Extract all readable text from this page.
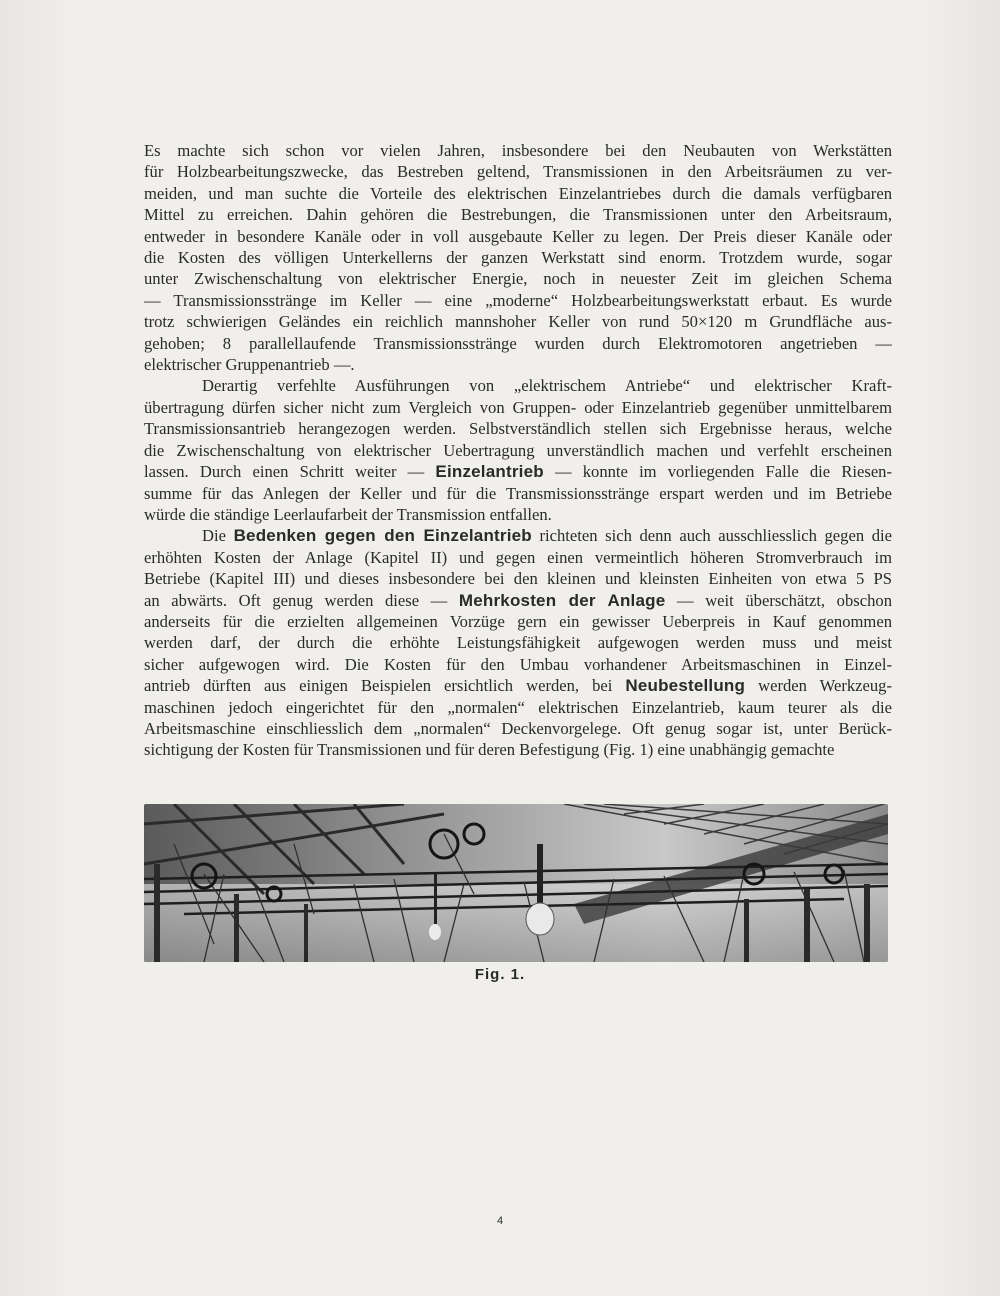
Es machte sich schon vor vielen Jahren, insbesondere bei den Neubauten von Werkstätten
für Holzbearbeitungszwecke, das Bestreben geltend, Transmissionen in den Arbeitsräumen zu ver-
meiden, und man suchte die Vorteile des elektrischen Einzelantriebes durch die damals verfügbaren
Mittel zu erreichen. Dahin gehören die Bestrebungen, die Transmissionen unter den Arbeitsraum,
entweder in besondere Kanäle oder in voll ausgebaute Keller zu legen. Der Preis dieser Kanäle oder
die Kosten des völligen Unterkellerns der ganzen Werkstatt sind enorm. Trotzdem wurde, sogar
unter Zwischenschaltung von elektrischer Energie, noch in neuester Zeit im gleichen Schema
— Transmissionsstränge im Keller — eine „moderne“ Holzbearbeitungswerkstatt erbaut. Es wurde
trotz schwierigen Geländes ein reichlich mannshoher Keller von rund 50×120 m Grundfläche aus-
gehoben; 8 parallellaufende Transmissionsstränge wurden durch Elektromotoren angetrieben —
elektrischer Gruppenantrieb —.

Derartig verfehlte Ausführungen von „elektrischem Antriebe“ und elektrischer Kraft-
übertragung dürfen sicher nicht zum Vergleich von Gruppen- oder Einzelantrieb gegenüber unmittelbarem
Transmissionsantrieb herangezogen werden. Selbstverständlich stellen sich Ergebnisse heraus, welche
die Zwischenschaltung von elektrischer Uebertragung unverständlich machen und verfehlt erscheinen
lassen. Durch einen Schritt weiter — Einzelantrieb — konnte im vorliegenden Falle die Riesen-
summe für das Anlegen der Keller und für die Transmissionsstränge erspart werden und im Betriebe
würde die ständige Leerlaufarbeit der Transmission entfallen.

Die Bedenken gegen den Einzelantrieb richteten sich denn auch ausschliesslich gegen die
erhöhten Kosten der Anlage (Kapitel II) und gegen einen vermeintlich höheren Stromverbrauch im
Betriebe (Kapitel III) und dieses insbesondere bei den kleinen und kleinsten Einheiten von etwa 5 PS
an abwärts. Oft genug werden diese — Mehrkosten der Anlage — weit überschätzt, obschon
anderseits für die erzielten allgemeinen Vorzüge gern ein gewisser Ueberpreis in Kauf genommen
werden darf, der durch die erhöhte Leistungsfähigkeit aufgewogen werden muss und meist
sicher aufgewogen wird. Die Kosten für den Umbau vorhandener Arbeitsmaschinen in Einzel-
antrieb dürften aus einigen Beispielen ersichtlich werden, bei Neubestellung werden Werkzeug-
maschinen jedoch eingerichtet für den „normalen“ elektrischen Einzelantrieb, kaum teurer als die
Arbeitsmaschine einschliesslich dem „normalen“ Deckenvorgelege. Oft genug sogar ist, unter Berück-
sichtigung der Kosten für Transmissionen und für deren Befestigung (Fig. 1) eine unabhängig gemachte

Fig. 1.
4
